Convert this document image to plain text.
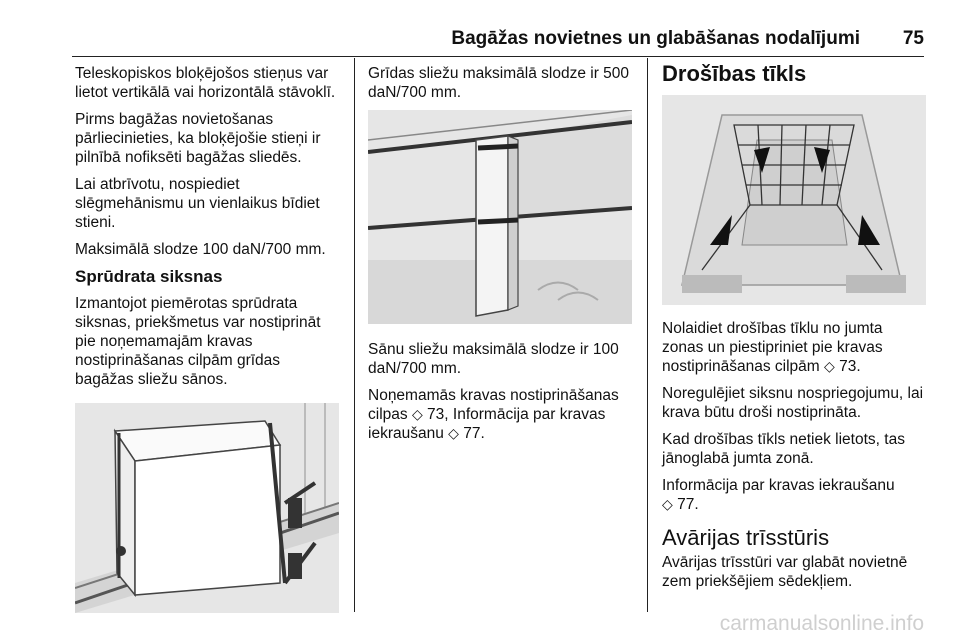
Bagāžas novietnes un glabāšanas nodalījumi 75

Teleskopiskos bloķējošos stieņus var lietot vertikālā vai horizontālā stāvoklī.

Pirms bagāžas novietošanas pārliecinieties, ka bloķējošie stieņi ir pilnībā nofiksēti bagāžas sliedēs.

Lai atbrīvotu, nospiediet slēgmehānismu un vienlaikus bīdiet stieni.

Maksimālā slodze 100 daN/700 mm.

Sprūdrata siksnas

Izmantojot piemērotas sprūdrata siksnas, priekšmetus var nostiprināt pie noņemamajām kravas nostiprināšanas cilpām grīdas bagāžas sliežu sānos.

Grīdas sliežu maksimālā slodze ir 500 daN/700 mm.

Sānu sliežu maksimālā slodze ir 100 daN/700 mm.

Noņemamās kravas nostiprināšanas cilpas ◇ 73, Informācija par kravas iekraušanu ◇ 77.

Drošības tīkls

Nolaidiet drošības tīklu no jumta zonas un piestipriniet pie kravas nostiprināšanas cilpām ◇ 73.

Noregulējiet siksnu nospriegojumu, lai krava būtu droši nostiprināta.

Kad drošības tīkls netiek lietots, tas jānoglabā jumta zonā.

Informācija par kravas iekraušanu
◇ 77.

Avārijas trīsstūris

Avārijas trīsstūri var glabāt novietnē zem priekšējiem sēdekļiem.

carmanualsonline.info
